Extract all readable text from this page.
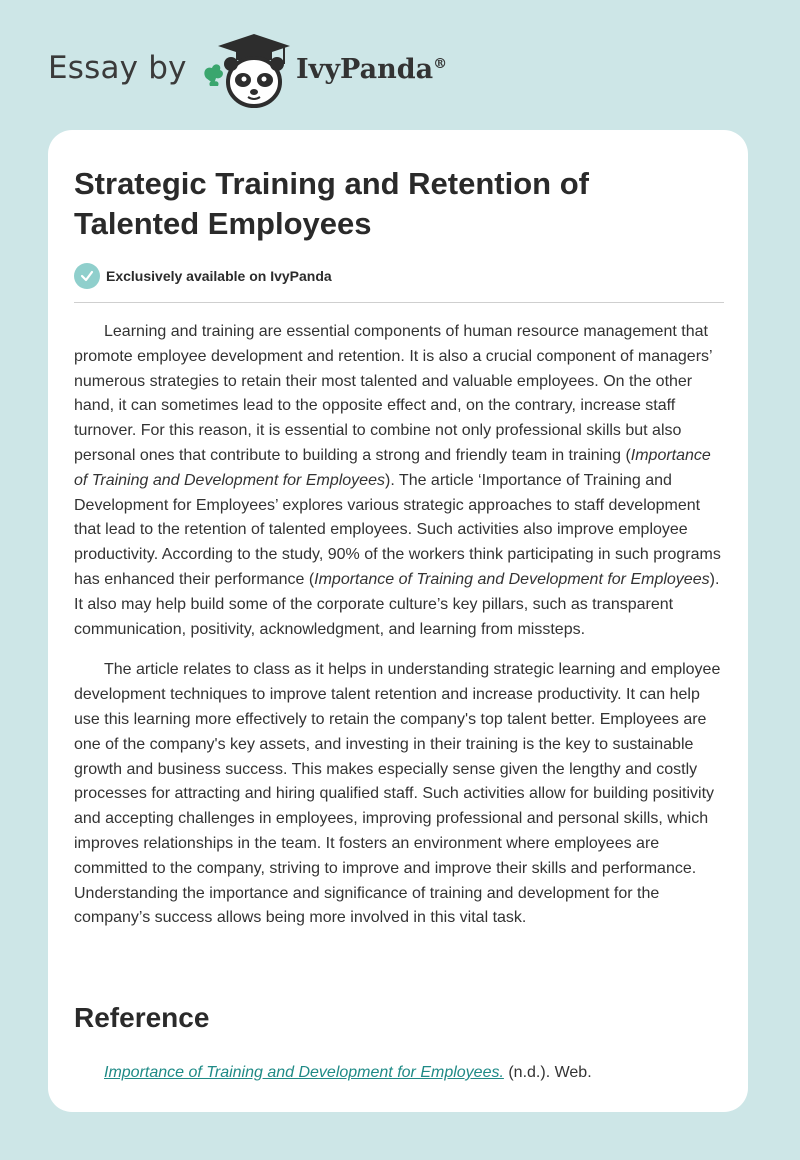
Essay by	IvyPanda®
Strategic Training and Retention of Talented Employees
Exclusively available on IvyPanda

Learning and training are essential components of human resource management that promote employee development and retention. It is also a crucial component of managers’ numerous strategies to retain their most talented and valuable employees. On the other hand, it can sometimes lead to the opposite effect and, on the contrary, increase staff turnover. For this reason, it is essential to combine not only professional skills but also personal ones that contribute to building a strong and friendly team in training (Importance of Training and Development for Employees). The article ‘Importance of Training and Development for Employees’ explores various strategic approaches to staff development that lead to the retention of talented employees. Such activities also improve employee productivity. According to the study, 90% of the workers think participating in such programs has enhanced their performance (Importance of Training and Development for Employees). It also may help build some of the corporate culture’s key pillars, such as transparent communication, positivity, acknowledgment, and learning from missteps.

The article relates to class as it helps in understanding strategic learning and employee development techniques to improve talent retention and increase productivity. It can help use this learning more effectively to retain the company's top talent better. Employees are one of the company's key assets, and investing in their training is the key to sustainable growth and business success. This makes especially sense given the lengthy and costly processes for attracting and hiring qualified staff. Such activities allow for building positivity and accepting challenges in employees, improving professional and personal skills, which improves relationships in the team. It fosters an environment where employees are committed to the company, striving to improve and improve their skills and performance. Understanding the importance and significance of training and development for the company’s success allows being more involved in this vital task.

Reference
Importance of Training and Development for Employees. (n.d.). Web.
